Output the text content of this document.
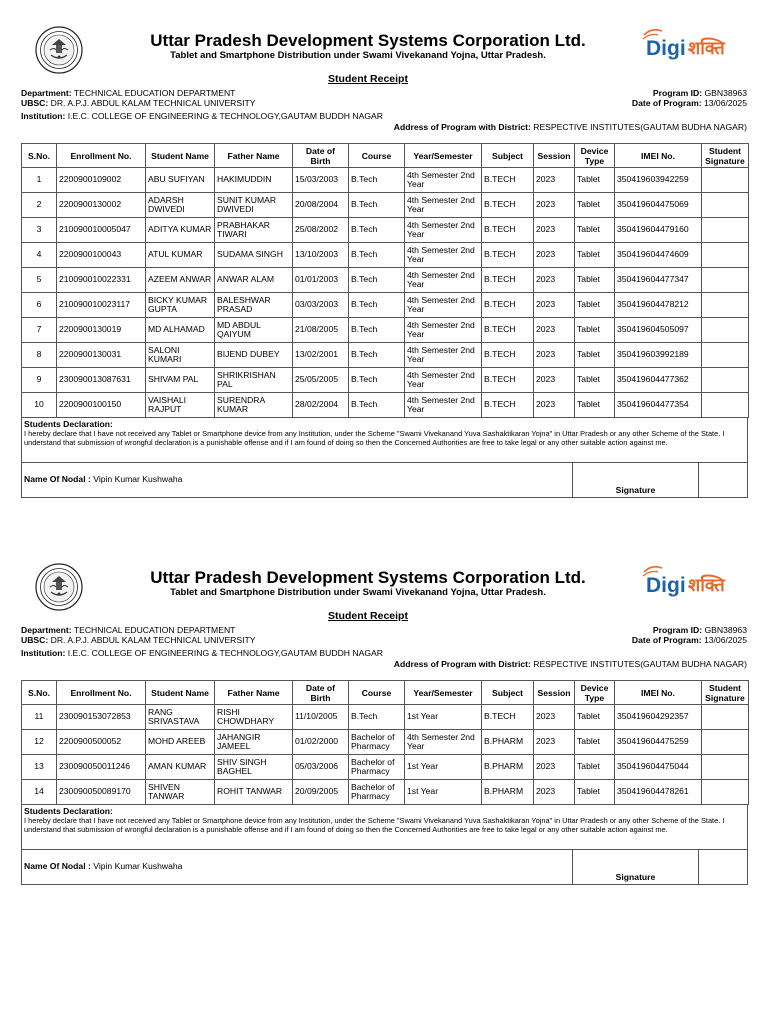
Digi शक्ति
Uttar Pradesh Development Systems Corporation Ltd.
Tablet and Smartphone Distribution under Swami Vivekanand Yojna, Uttar Pradesh.
Student Receipt
Department: TECHNICAL EDUCATION DEPARTMENT
UBSC: DR. A.P.J. ABDUL KALAM TECHNICAL UNIVERSITY
Institution: I.E.C. COLLEGE OF ENGINEERING & TECHNOLOGY,GAUTAM BUDDH NAGAR
Program ID: GBN38963
Date of Program: 13/06/2025
Address of Program with District: RESPECTIVE INSTITUTES(GAUTAM BUDHA NAGAR)
S.No.	Enrollment No.	Student Name	Father Name	Date of Birth	Course	Year/Semester	Subject	Session	Device Type	IMEI No.	Student Signature
1	2200900109002	ABU SUFIYAN	HAKIMUDDIN	15/03/2003	B.Tech	4th Semester 2nd Year	B.TECH	2023	Tablet	350419603942259	
2	2200900130002	ADARSH DWIVEDI	SUNIT KUMAR DWIVEDI	20/08/2004	B.Tech	4th Semester 2nd Year	B.TECH	2023	Tablet	350419604475069	
3	210090010005047	ADITYA KUMAR	PRABHAKAR TIWARI	25/08/2002	B.Tech	4th Semester 2nd Year	B.TECH	2023	Tablet	350419604479160	
4	2200900100043	ATUL KUMAR	SUDAMA SINGH	13/10/2003	B.Tech	4th Semester 2nd Year	B.TECH	2023	Tablet	350419604474609	
5	210090010022331	AZEEM ANWAR	ANWAR ALAM	01/01/2003	B.Tech	4th Semester 2nd Year	B.TECH	2023	Tablet	350419604477347	
6	210090010023117	BICKY KUMAR GUPTA	BALESHWAR PRASAD	03/03/2003	B.Tech	4th Semester 2nd Year	B.TECH	2023	Tablet	350419604478212	
7	2200900130019	MD ALHAMAD	MD ABDUL QAIYUM	21/08/2005	B.Tech	4th Semester 2nd Year	B.TECH	2023	Tablet	350419604505097	
8	2200900130031	SALONI KUMARI	BIJEND DUBEY	13/02/2001	B.Tech	4th Semester 2nd Year	B.TECH	2023	Tablet	350419603992189	
9	230090013087631	SHIVAM PAL	SHRIKRISHAN PAL	25/05/2005	B.Tech	4th Semester 2nd Year	B.TECH	2023	Tablet	350419604477362	
10	2200900100150	VAISHALI RAJPUT	SURENDRA KUMAR	28/02/2004	B.Tech	4th Semester 2nd Year	B.TECH	2023	Tablet	350419604477354	
Students Declaration:
I hereby declare that I have not received any Tablet or Smartphone device from any Institution, under the Scheme "Swami Vivekanand Yuva Sashaktikaran Yojna" in Uttar Pradesh or any other Scheme of the State. I understand that submission of wrongful declaration is a punishable offense and if I am found of doing so then the Concerned Authorities are free to take legal or any other suitable action against me.
Name Of Nodal : Vipin Kumar Kushwaha
Signature
Digi शक्ति
Uttar Pradesh Development Systems Corporation Ltd.
Tablet and Smartphone Distribution under Swami Vivekanand Yojna, Uttar Pradesh.
Student Receipt
Department: TECHNICAL EDUCATION DEPARTMENT
UBSC: DR. A.P.J. ABDUL KALAM TECHNICAL UNIVERSITY
Institution: I.E.C. COLLEGE OF ENGINEERING & TECHNOLOGY,GAUTAM BUDDH NAGAR
Program ID: GBN38963
Date of Program: 13/06/2025
Address of Program with District: RESPECTIVE INSTITUTES(GAUTAM BUDHA NAGAR)
S.No.	Enrollment No.	Student Name	Father Name	Date of Birth	Course	Year/Semester	Subject	Session	Device Type	IMEI No.	Student Signature
11	230090153072853	RANG SRIVASTAVA	RISHI CHOWDHARY	11/10/2005	B.Tech	1st Year	B.TECH	2023	Tablet	350419604292357	
12	2200900500052	MOHD AREEB	JAHANGIR JAMEEL	01/02/2000	Bachelor of Pharmacy	4th Semester 2nd Year	B.PHARM	2023	Tablet	350419604475259	
13	230090050011246	AMAN KUMAR	SHIV SINGH BAGHEL	05/03/2006	Bachelor of Pharmacy	1st Year	B.PHARM	2023	Tablet	350419604475044	
14	230090050089170	SHIVEN TANWAR	ROHIT TANWAR	20/09/2005	Bachelor of Pharmacy	1st Year	B.PHARM	2023	Tablet	350419604478261	
Students Declaration:
I hereby declare that I have not received any Tablet or Smartphone device from any Institution, under the Scheme "Swami Vivekanand Yuva Sashaktikaran Yojna" in Uttar Pradesh or any other Scheme of the State. I understand that submission of wrongful declaration is a punishable offense and if I am found of doing so then the Concerned Authorities are free to take legal or any other suitable action against me.
Name Of Nodal : Vipin Kumar Kushwaha
Signature
